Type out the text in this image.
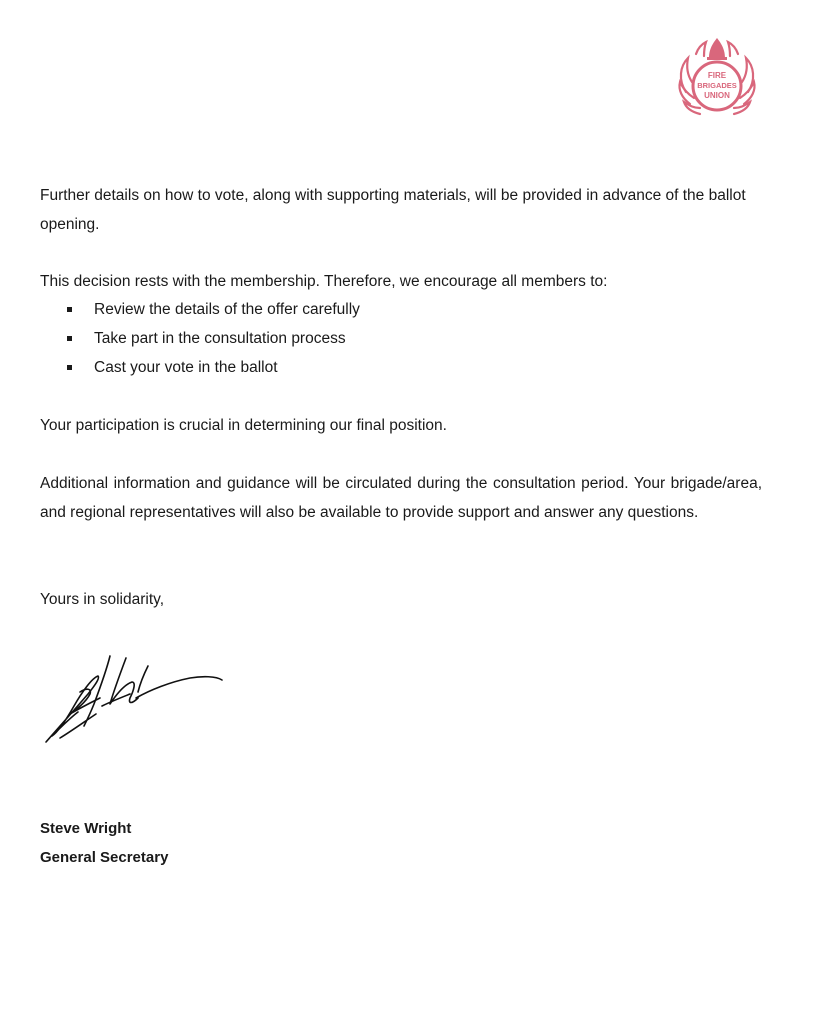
FIRE
BRIGADES
UNION

Further details on how to vote, along with supporting materials, will be provided in advance of the ballot opening.

This decision rests with the membership. Therefore, we encourage all members to:

Review the details of the offer carefully
Take part in the consultation process
Cast your vote in the ballot

Your participation is crucial in determining our final position.

Additional information and guidance will be circulated during the consultation period. Your brigade/area, and regional representatives will also be available to provide support and answer any questions.

Yours in solidarity,

Steve Wright
General Secretary
